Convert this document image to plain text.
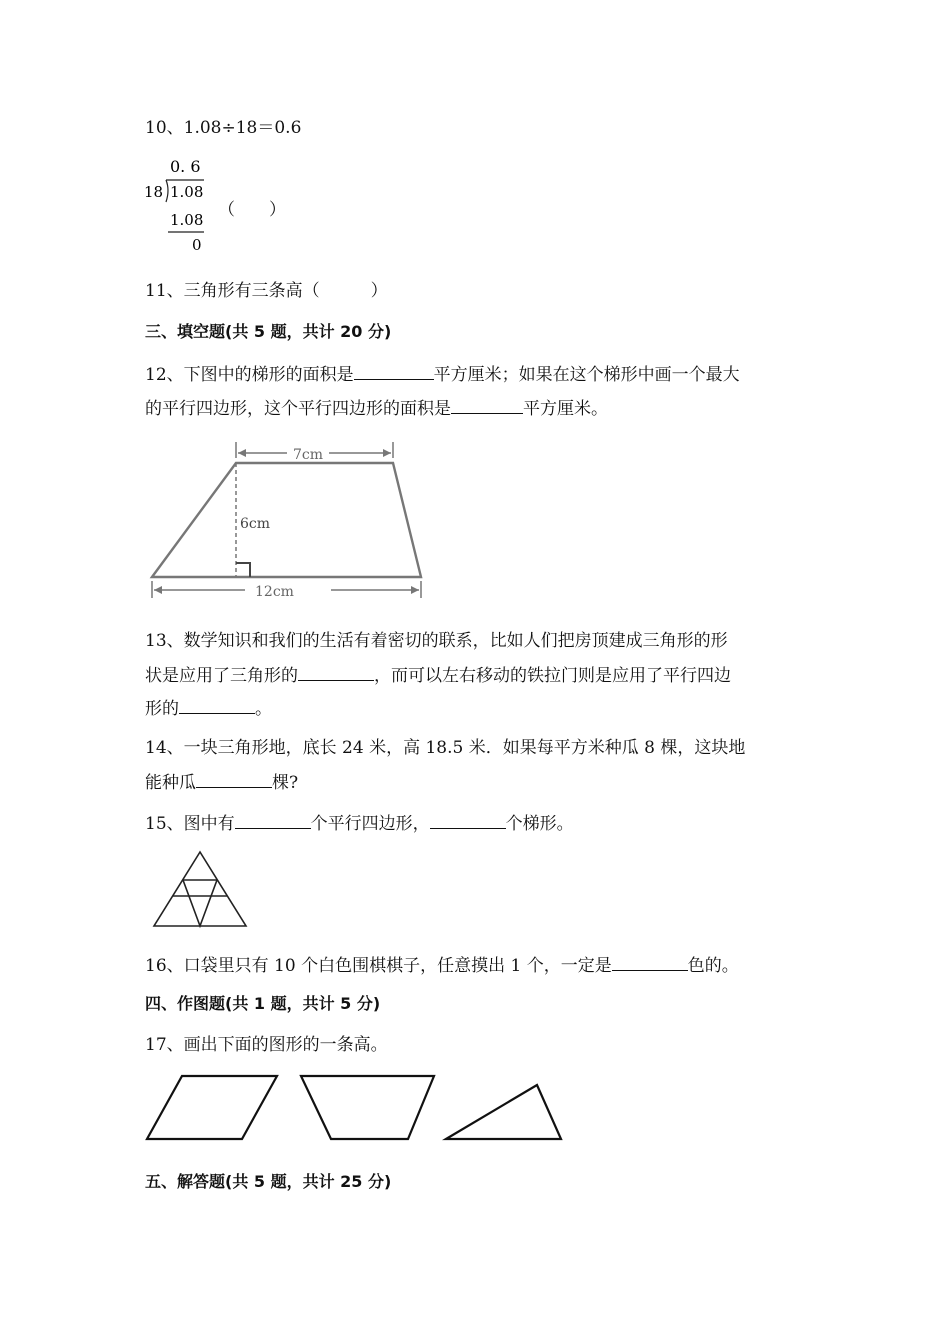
10、1.08÷18＝0.6
0. 6
18 1.08
1.08
0
（　　）
11、三角形有三条高（　　　）
三、填空题(共 5 题，共计 20 分)
12、下图中的梯形的面积是	平方厘米；如果在这个梯形中画一个最大
的平行四边形，这个平行四边形的面积是	平方厘米。
7cm
6cm
12cm
13、数学知识和我们的生活有着密切的联系，比如人们把房顶建成三角形的形
状是应用了三角形的	，而可以左右移动的铁拉门则是应用了平行四边
形的	。
14、一块三角形地，底长 24 米，高 18.5 米．如果每平方米种瓜 8 棵，这块地
能种瓜	棵?
15、图中有	个平行四边形，	个梯形。
16、口袋里只有 10 个白色围棋棋子，任意摸出 1 个，一定是	色的。
四、作图题(共 1 题，共计 5 分)
17、画出下面的图形的一条高。
五、解答题(共 5 题，共计 25 分)
